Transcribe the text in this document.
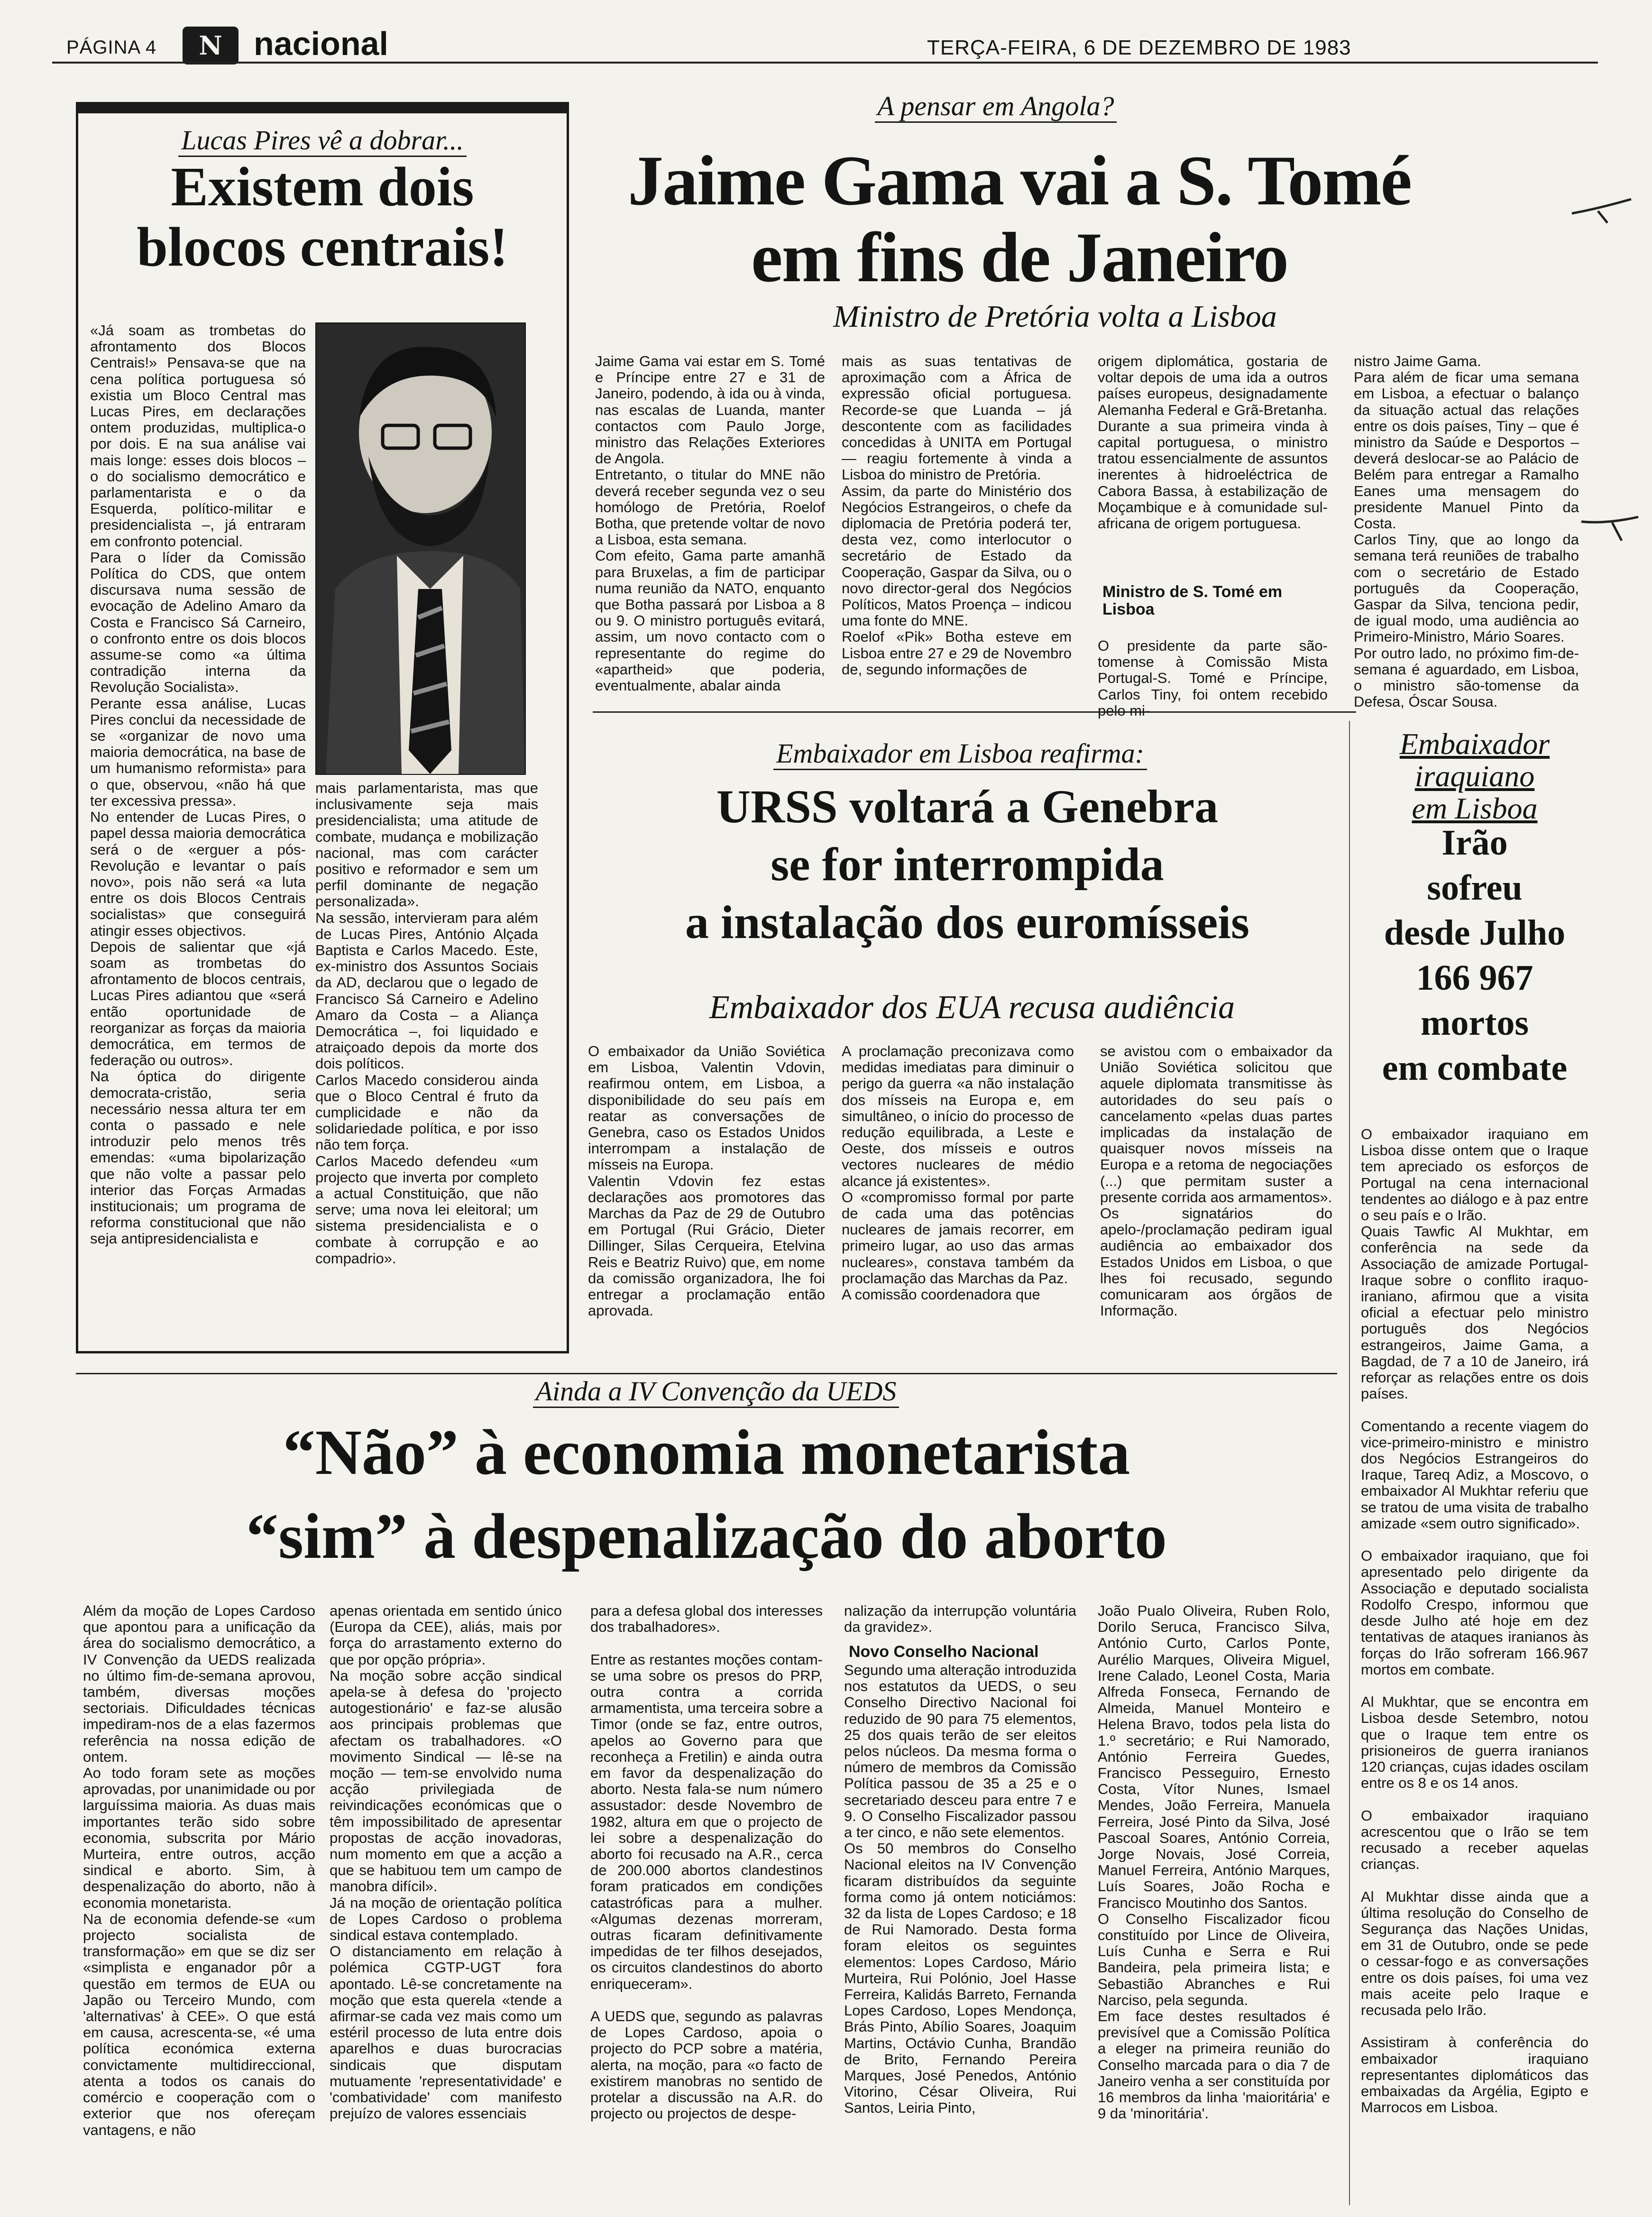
PÁGINA 4	N nacional	TERÇA-FEIRA, 6 DE DEZEMBRO DE 1983
Lucas Pires vê a dobrar...
Existem dois
blocos centrais!
«Já soam as trombetas do afrontamento dos Blocos Centrais!» Pensava-se que na cena política portuguesa só existia um Bloco Central mas Lucas Pires, em declarações ontem produzidas, multiplica-o por dois. E na sua análise vai mais longe: esses dois blocos – o do socialismo democrático e parlamentarista e o da Esquerda, político-militar e presidencialista –, já entraram em confronto potencial.
Para o líder da Comissão Política do CDS, que ontem discursava numa sessão de evocação de Adelino Amaro da Costa e Francisco Sá Carneiro, o confronto entre os dois blocos assume-se como «a última contradição interna da Revolução Socialista».
Perante essa análise, Lucas Pires conclui da necessidade de se «organizar de novo uma maioria democrática, na base de um humanismo reformista» para o que, observou, «não há que ter excessiva pressa».
No entender de Lucas Pires, o papel dessa maioria democrática será o de «erguer a pós-Revolução e levantar o país novo», pois não será «a luta entre os dois Blocos Centrais socialistas» que conseguirá atingir esses objectivos.
Depois de salientar que «já soam as trombetas do afrontamento de blocos centrais, Lucas Pires adiantou que «será então oportunidade de reorganizar as forças da maioria democrática, em termos de federação ou outros».
Na óptica do dirigente democrata-cristão, seria necessário nessa altura ter em conta o passado e nele introduzir pelo menos três emendas: «uma bipolarização que não volte a passar pelo interior das Forças Armadas institucionais; um programa de reforma constitucional que não seja antipresidencialista e
mais parlamentarista, mas que inclusivamente seja mais presidencialista; uma atitude de combate, mudança e mobilização nacional, mas com carácter positivo e reformador e sem um perfil dominante de negação personalizada».
Na sessão, intervieram para além de Lucas Pires, António Alçada Baptista e Carlos Macedo. Este, ex-ministro dos Assuntos Sociais da AD, declarou que o legado de Francisco Sá Carneiro e Adelino Amaro da Costa – a Aliança Democrática –, foi liquidado e atraiçoado depois da morte dos dois políticos.
Carlos Macedo considerou ainda que o Bloco Central é fruto da cumplicidade e não da solidariedade política, e por isso não tem força.
Carlos Macedo defendeu «um projecto que inverta por completo a actual Constituição, que não serve; uma nova lei eleitoral; um sistema presidencialista e o combate à corrupção e ao compadrio».
A pensar em Angola?
Jaime Gama vai a S. Tomé
em fins de Janeiro
Ministro de Pretória volta a Lisboa
Jaime Gama vai estar em S. Tomé e Príncipe entre 27 e 31 de Janeiro, podendo, à ida ou à vinda, nas escalas de Luanda, manter contactos com Paulo Jorge, ministro das Relações Exteriores de Angola.
Entretanto, o titular do MNE não deverá receber segunda vez o seu homólogo de Pretória, Roelof Botha, que pretende voltar de novo a Lisboa, esta semana.
Com efeito, Gama parte amanhã para Bruxelas, a fim de participar numa reunião da NATO, enquanto que Botha passará por Lisboa a 8 ou 9. O ministro português evitará, assim, um novo contacto com o representante do regime do «apartheid» que poderia, eventualmente, abalar ainda
mais as suas tentativas de aproximação com a África de expressão oficial portuguesa. Recorde-se que Luanda – já descontente com as facilidades concedidas à UNITA em Portugal — reagiu fortemente à vinda a Lisboa do ministro de Pretória.
Assim, da parte do Ministério dos Negócios Estrangeiros, o chefe da diplomacia de Pretória poderá ter, desta vez, como interlocutor o secretário de Estado da Cooperação, Gaspar da Silva, ou o novo director-geral dos Negócios Políticos, Matos Proença – indicou uma fonte do MNE.
Roelof «Pik» Botha esteve em Lisboa entre 27 e 29 de Novembro de, segundo informações de
origem diplomática, gostaria de voltar depois de uma ida a outros países europeus, designadamente Alemanha Federal e Grã-Bretanha.
Durante a sua primeira vinda à capital portuguesa, o ministro tratou essencialmente de assuntos inerentes à hidroeléctrica de Cabora Bassa, à estabilização de Moçambique e à comunidade sul-africana de origem portuguesa.
Ministro de S. Tomé em Lisboa
O presidente da parte são-tomense à Comissão Mista Portugal-S. Tomé e Príncipe, Carlos Tiny, foi ontem recebido pelo mi-
nistro Jaime Gama.
Para além de ficar uma semana em Lisboa, a efectuar o balanço da situação actual das relações entre os dois países, Tiny – que é ministro da Saúde e Desportos – deverá deslocar-se ao Palácio de Belém para entregar a Ramalho Eanes uma mensagem do presidente Manuel Pinto da Costa.
Carlos Tiny, que ao longo da semana terá reuniões de trabalho com o secretário de Estado português da Cooperação, Gaspar da Silva, tenciona pedir, de igual modo, uma audiência ao Primeiro-Ministro, Mário Soares.
Por outro lado, no próximo fim-de-semana é aguardado, em Lisboa, o ministro são-tomense da Defesa, Óscar Sousa.
Embaixador em Lisboa reafirma:
URSS voltará a Genebra
se for interrompida
a instalação dos euromísseis
Embaixador dos EUA recusa audiência
O embaixador da União Soviética em Lisboa, Valentin Vdovin, reafirmou ontem, em Lisboa, a disponibilidade do seu país em reatar as conversações de Genebra, caso os Estados Unidos interrompam a instalação de mísseis na Europa.
Valentin Vdovin fez estas declarações aos promotores das Marchas da Paz de 29 de Outubro em Portugal (Rui Grácio, Dieter Dillinger, Silas Cerqueira, Etelvina Reis e Beatriz Ruivo) que, em nome da comissão organizadora, lhe foi entregar a proclamação então aprovada.
A proclamação preconizava como medidas imediatas para diminuir o perigo da guerra «a não instalação dos mísseis na Europa e, em simultâneo, o início do processo de redução equilibrada, a Leste e Oeste, dos mísseis e outros vectores nucleares de médio alcance já existentes».
O «compromisso formal por parte de cada uma das potências nucleares de jamais recorrer, em primeiro lugar, ao uso das armas nucleares», constava também da proclamação das Marchas da Paz.
A comissão coordenadora que
se avistou com o embaixador da União Soviética solicitou que aquele diplomata transmitisse às autoridades do seu país o cancelamento «pelas duas partes implicadas da instalação de quaisquer novos mísseis na Europa e a retoma de negociações (...) que permitam suster a presente corrida aos armamentos».
Os signatários do apelo-/proclamação pediram igual audiência ao embaixador dos Estados Unidos em Lisboa, o que lhes foi recusado, segundo comunicaram aos órgãos de Informação.
Embaixador
iraquiano
em Lisboa
Irão
sofreu
desde Julho
166 967
mortos
em combate
O embaixador iraquiano em Lisboa disse ontem que o Iraque tem apreciado os esforços de Portugal na cena internacional tendentes ao diálogo e à paz entre o seu país e o Irão.
Quais Tawfic Al Mukhtar, em conferência na sede da Associação de amizade Portugal-Iraque sobre o conflito iraquo-iraniano, afirmou que a visita oficial a efectuar pelo ministro português dos Negócios estrangeiros, Jaime Gama, a Bagdad, de 7 a 10 de Janeiro, irá reforçar as relações entre os dois países.

Comentando a recente viagem do vice-primeiro-ministro e ministro dos Negócios Estrangeiros do Iraque, Tareq Adiz, a Moscovo, o embaixador Al Mukhtar referiu que se tratou de uma visita de trabalho amizade «sem outro significado».

O embaixador iraquiano, que foi apresentado pelo dirigente da Associação e deputado socialista Rodolfo Crespo, informou que desde Julho até hoje em dez tentativas de ataques iranianos às forças do Irão sofreram 166.967 mortos em combate.

Al Mukhtar, que se encontra em Lisboa desde Setembro, notou que o Iraque tem entre os prisioneiros de guerra iranianos 120 crianças, cujas idades oscilam entre os 8 e os 14 anos.

O embaixador iraquiano acrescentou que o Irão se tem recusado a receber aquelas crianças.

Al Mukhtar disse ainda que a última resolução do Conselho de Segurança das Nações Unidas, em 31 de Outubro, onde se pede o cessar-fogo e as conversações entre os dois países, foi uma vez mais aceite pelo Iraque e recusada pelo Irão.

Assistiram à conferência do embaixador iraquiano representantes diplomáticos das embaixadas da Argélia, Egipto e Marrocos em Lisboa.
Ainda a IV Convenção da UEDS
“Não” à economia monetarista
“sim” à despenalização do aborto
Além da moção de Lopes Cardoso que apontou para a unificação da área do socialismo democrático, a IV Convenção da UEDS realizada no último fim-de-semana aprovou, também, diversas moções sectoriais. Dificuldades técnicas impediram-nos de a elas fazermos referência na nossa edição de ontem.
Ao todo foram sete as moções aprovadas, por unanimidade ou por larguíssima maioria. As duas mais importantes terão sido sobre economia, subscrita por Mário Murteira, entre outros, acção sindical e aborto. Sim, à despenalização do aborto, não à economia monetarista.
Na de economia defende-se «um projecto socialista de transformação» em que se diz ser «simplista e enganador pôr a questão em termos de EUA ou Japão ou Terceiro Mundo, com 'alternativas' à CEE». O que está em causa, acrescenta-se, «é uma política económica externa convictamente multidireccional, atenta a todos os canais do comércio e cooperação com o exterior que nos ofereçam vantagens, e não
apenas orientada em sentido único (Europa da CEE), aliás, mais por força do arrastamento externo do que por opção própria».
Na moção sobre acção sindical apela-se à defesa do 'projecto autogestionário' e faz-se alusão aos principais problemas que afectam os trabalhadores. «O movimento Sindical — lê-se na moção — tem-se envolvido numa acção privilegiada de reivindicações económicas que o têm impossibilitado de apresentar propostas de acção inovadoras, num momento em que a acção a que se habituou tem um campo de manobra difícil».
Já na moção de orientação política de Lopes Cardoso o problema sindical estava contemplado.
O distanciamento em relação à polémica CGTP-UGT fora apontado. Lê-se concretamente na moção que esta querela «tende a afirmar-se cada vez mais como um estéril processo de luta entre dois aparelhos e duas burocracias sindicais que disputam mutuamente 'representatividade' e 'combatividade' com manifesto prejuízo de valores essenciais
para a defesa global dos interesses dos trabalhadores».

Entre as restantes moções contam-se uma sobre os presos do PRP, outra contra a corrida armamentista, uma terceira sobre a Timor (onde se faz, entre outros, apelos ao Governo para que reconheça a Fretilin) e ainda outra em favor da despenalização do aborto. Nesta fala-se num número assustador: desde Novembro de 1982, altura em que o projecto de lei sobre a despenalização do aborto foi recusado na A.R., cerca de 200.000 abortos clandestinos foram praticados em condições catastróficas para a mulher. «Algumas dezenas morreram, outras ficaram definitivamente impedidas de ter filhos desejados, os circuitos clandestinos do aborto enriqueceram».

A UEDS que, segundo as palavras de Lopes Cardoso, apoia o projecto do PCP sobre a matéria, alerta, na moção, para «o facto de existirem manobras no sentido de protelar a discussão na A.R. do projecto ou projectos de despe-
nalização da interrupção voluntária da gravidez».
Novo Conselho Nacional
Segundo uma alteração introduzida nos estatutos da UEDS, o seu Conselho Directivo Nacional foi reduzido de 90 para 75 elementos, 25 dos quais terão de ser eleitos pelos núcleos. Da mesma forma o número de membros da Comissão Política passou de 35 a 25 e o secretariado desceu para entre 7 e 9. O Conselho Fiscalizador passou a ter cinco, e não sete elementos.
Os 50 membros do Conselho Nacional eleitos na IV Convenção ficaram distribuídos da seguinte forma como já ontem noticiámos: 32 da lista de Lopes Cardoso; e 18 de Rui Namorado. Desta forma foram eleitos os seguintes elementos: Lopes Cardoso, Mário Murteira, Rui Polónio, Joel Hasse Ferreira, Kalidás Barreto, Fernanda Lopes Cardoso, Lopes Mendonça, Brás Pinto, Abílio Soares, Joaquim Martins, Octávio Cunha, Brandão de Brito, Fernando Pereira Marques, José Penedos, António Vitorino, César Oliveira, Rui Santos, Leiria Pinto,
João Pualo Oliveira, Ruben Rolo, Dorilo Seruca, Francisco Silva, António Curto, Carlos Ponte, Aurélio Marques, Oliveira Miguel, Irene Calado, Leonel Costa, Maria Alfreda Fonseca, Fernando de Almeida, Manuel Monteiro e Helena Bravo, todos pela lista do 1.º secretário; e Rui Namorado, António Ferreira Guedes, Francisco Pesseguiro, Ernesto Costa, Vítor Nunes, Ismael Mendes, João Ferreira, Manuela Ferreira, José Pinto da Silva, José Pascoal Soares, António Correia, Jorge Novais, José Correia, Manuel Ferreira, António Marques, Luís Soares, João Rocha e Francisco Moutinho dos Santos.
O Conselho Fiscalizador ficou constituído por Lince de Oliveira, Luís Cunha e Serra e Rui Bandeira, pela primeira lista; e Sebastião Abranches e Rui Narciso, pela segunda.
Em face destes resultados é previsível que a Comissão Política a eleger na primeira reunião do Conselho marcada para o dia 7 de Janeiro venha a ser constituída por 16 membros da linha 'maioritária' e 9 da 'minoritária'.
